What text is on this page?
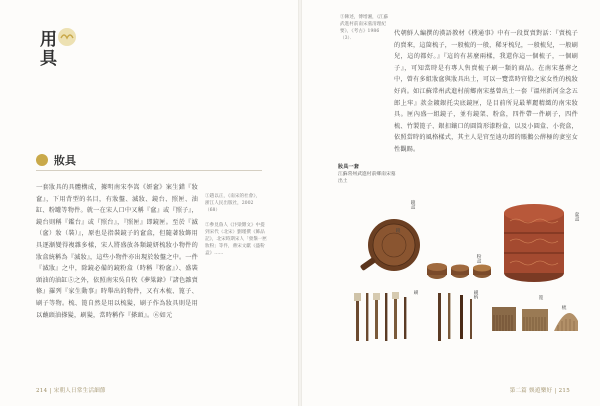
用具
妝具
一套妝具的具體構成，據明南宋李嵩《妍奩》案生錯『妝奩』，下用背型的名目，有妝盤、滅妝、鏡台、照匣、油缸、粉罐等物件。就一在宋人口中又稱『奩』或『照子』，鏡台則稱『鑑台』或『照台』，『照匣』即鏡匣。至於『滅（奩）妝（裝）』，原也是指裝鏡子的奩盒，但隨著妝飾用具逐漸變得複雜多樣，宋人將盛放各類鏡妍梳妝小物件的妝盒統稱為『滅妝』，這些小物件亦出現於妝盤之中。一件『滅妝』之中，除鏡必備的鏡粉盒（時稱『粉奩』）、盛裝頭油的油缸⑤之外，依照南宋吳自牧《夢粱錄》『諸色雜賣條』羅列『家生動事』時舉出的物件，又有木梳、篦子、刷子等物。梳、篦自然是用以梳髮，刷子作為妝具則是用以蘸頭油搽髮，刷髮，當時稱作『搽頭』。⑥如元
①趙以正，《南宋的社會》，浙江人民出版社，2002（68）
②參見魯人《汴梁雜文》中提到宋代（北宋）劉瑾撰《飾品記》，北宋時期宋人「發鬚一匣妝粉」等件，蔣宋文獻《盛粉盒》……
214 | 宋朝人日常生活細節
③陳述，傅增湘，《江蘇武進村前南宋墓清理紀要》，《考古》1986（3）．
代朝鮮人編撰的漢語教材《樸通事》中有一段買賣對話：『賣梳子的賣來，這箇梳子，一般梳的一般，稀牙梳兒，一般梳兒，一般刷兒，這的都好。』『這的有甚麼兩樣，我還你這一個梳子，一個刷子』，可知當時是有專人售賣梳子刷一類的商品。在南宋墓葬之中，曾有多組妝奩與妝具出土，可以一覽當時官僚之家女性的梳妝好尚。如江蘇常州武進村前鄉南宋墓曾出土一套『溫州新河金念五郎上牢』款金鍍銀托尖底鏡匣，是目前所見最華麗精緻的南宋妝具。匣內盛一組鏡子，並有鏡架、粉盒，四件帶一件刷子，四件梳、竹製篦子、銀扣鑲口的圓筒形漆粉盒，以及小圓盒、小瓷盒，依照當時的風格樣式，其主人是官至迪功郎的賬鵝公薛極的妻室女性觀賜。
妝具一套
江蘇常州武進村前鄉南宋墓出土
鏡盒
鏡
粉盒
奩盒
篦
梳
刷	刷柄
第二篇 娛遊樂好 | 215
